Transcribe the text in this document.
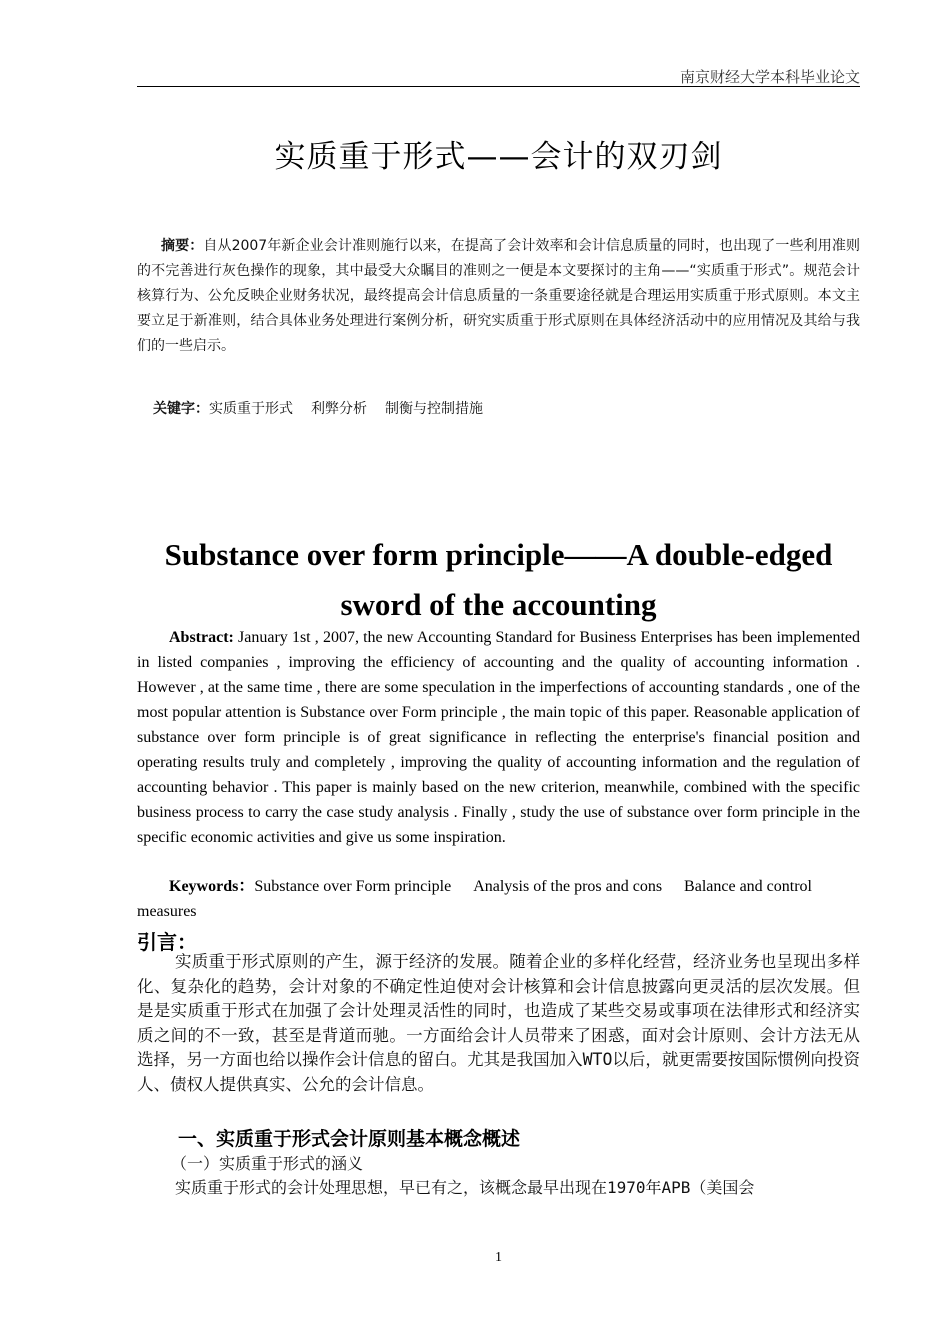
南京财经大学本科毕业论文
实质重于形式——会计的双刃剑
摘要：自从2007年新企业会计准则施行以来，在提高了会计效率和会计信息质量的同时，也出现了一些利用准则的不完善进行灰色操作的现象，其中最受大众瞩目的准则之一便是本文要探讨的主角——“实质重于形式”。规范会计核算行为、公允反映企业财务状况，最终提高会计信息质量的一条重要途径就是合理运用实质重于形式原则。本文主要立足于新准则，结合具体业务处理进行案例分析，研究实质重于形式原则在具体经济活动中的应用情况及其给与我们的一些启示。
关键字：实质重于形式 利弊分析 制衡与控制措施
Substance over form principle——A double-edged sword of the accounting
Abstract: January 1st , 2007, the new Accounting Standard for Business Enterprises has been implemented in listed companies , improving the efficiency of accounting and the quality of accounting information . However , at the same time , there are some speculation in the imperfections of accounting standards , one of the most popular attention is Substance over Form principle , the main topic of this paper. Reasonable application of substance over form principle is of great significance in reflecting the enterprise's financial position and operating results truly and completely , improving the quality of accounting information and the regulation of accounting behavior . This paper is mainly based on the new criterion, meanwhile, combined with the specific business process to carry the case study analysis . Finally , study the use of substance over form principle in the specific economic activities and give us some inspiration.
Keywords：Substance over Form principle Analysis of the pros and cons Balance and control measures
引言：
实质重于形式原则的产生，源于经济的发展。随着企业的多样化经营，经济业务也呈现出多样化、复杂化的趋势，会计对象的不确定性迫使对会计核算和会计信息披露向更灵活的层次发展。但是是实质重于形式在加强了会计处理灵活性的同时，也造成了某些交易或事项在法律形式和经济实质之间的不一致，甚至是背道而驰。一方面给会计人员带来了困惑，面对会计原则、会计方法无从选择，另一方面也给以操作会计信息的留白。尤其是我国加入WTO以后，就更需要按国际惯例向投资人、债权人提供真实、公允的会计信息。
一、实质重于形式会计原则基本概念概述
（一）实质重于形式的涵义
实质重于形式的会计处理思想，早已有之，该概念最早出现在1970年APB（美国会
1
